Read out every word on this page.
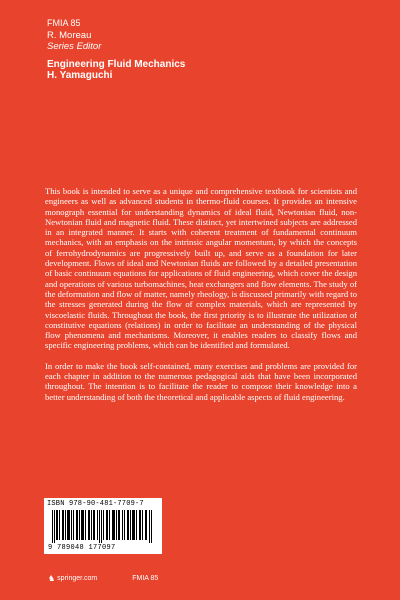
FMIA 85
R. Moreau
Series Editor
Engineering Fluid Mechanics
H. Yamaguchi

This book is intended to serve as a unique and comprehensive textbook for scientists and engineers as well as advanced students in thermo-fluid courses. It provides an intensive monograph essential for understanding dynamics of ideal fluid, Newtonian fluid, non-Newtonian fluid and magnetic fluid. These distinct, yet intertwined subjects are addressed in an integrated manner. It starts with coherent treatment of fundamental continuum mechanics, with an emphasis on the intrinsic angular momentum, by which the concepts of ferrohydrodynamics are progressively built up, and serve as a foundation for later development. Flows of ideal and Newtonian fluids are followed by a detailed presentation of basic continuum equations for applications of fluid engineering, which cover the design and operations of various turbomachines, heat exchangers and flow elements. The study of the deformation and flow of matter, namely rheology, is discussed primarily with regard to the stresses generated during the flow of complex materials, which are represented by viscoelastic fluids. Throughout the book, the first priority is to illustrate the utilization of constitutive equations (relations) in order to facilitate an understanding of the physical flow phenomena and mechanisms. Moreover, it enables readers to classify flows and specific engineering problems, which can be identified and formulated.

In order to make the book self-contained, many exercises and problems are provided for each chapter in addition to the numerous pedagogical aids that have been incorporated throughout. The intention is to facilitate the reader to compose their knowledge into a better understanding of both the theoretical and applicable aspects of fluid engineering.

ISBN 978-90-481-7709-7
9 789048 177097
♞ springer.com	FMIA 85
